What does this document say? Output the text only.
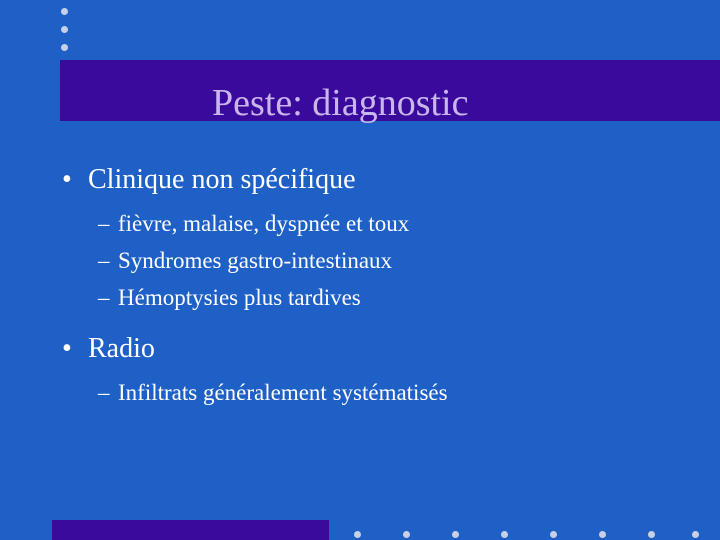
Peste: diagnostic
• Clinique non spécifique
– fièvre, malaise, dyspnée et toux
– Syndromes gastro-intestinaux
– Hémoptysies plus tardives
• Radio
– Infiltrats généralement systématisés
